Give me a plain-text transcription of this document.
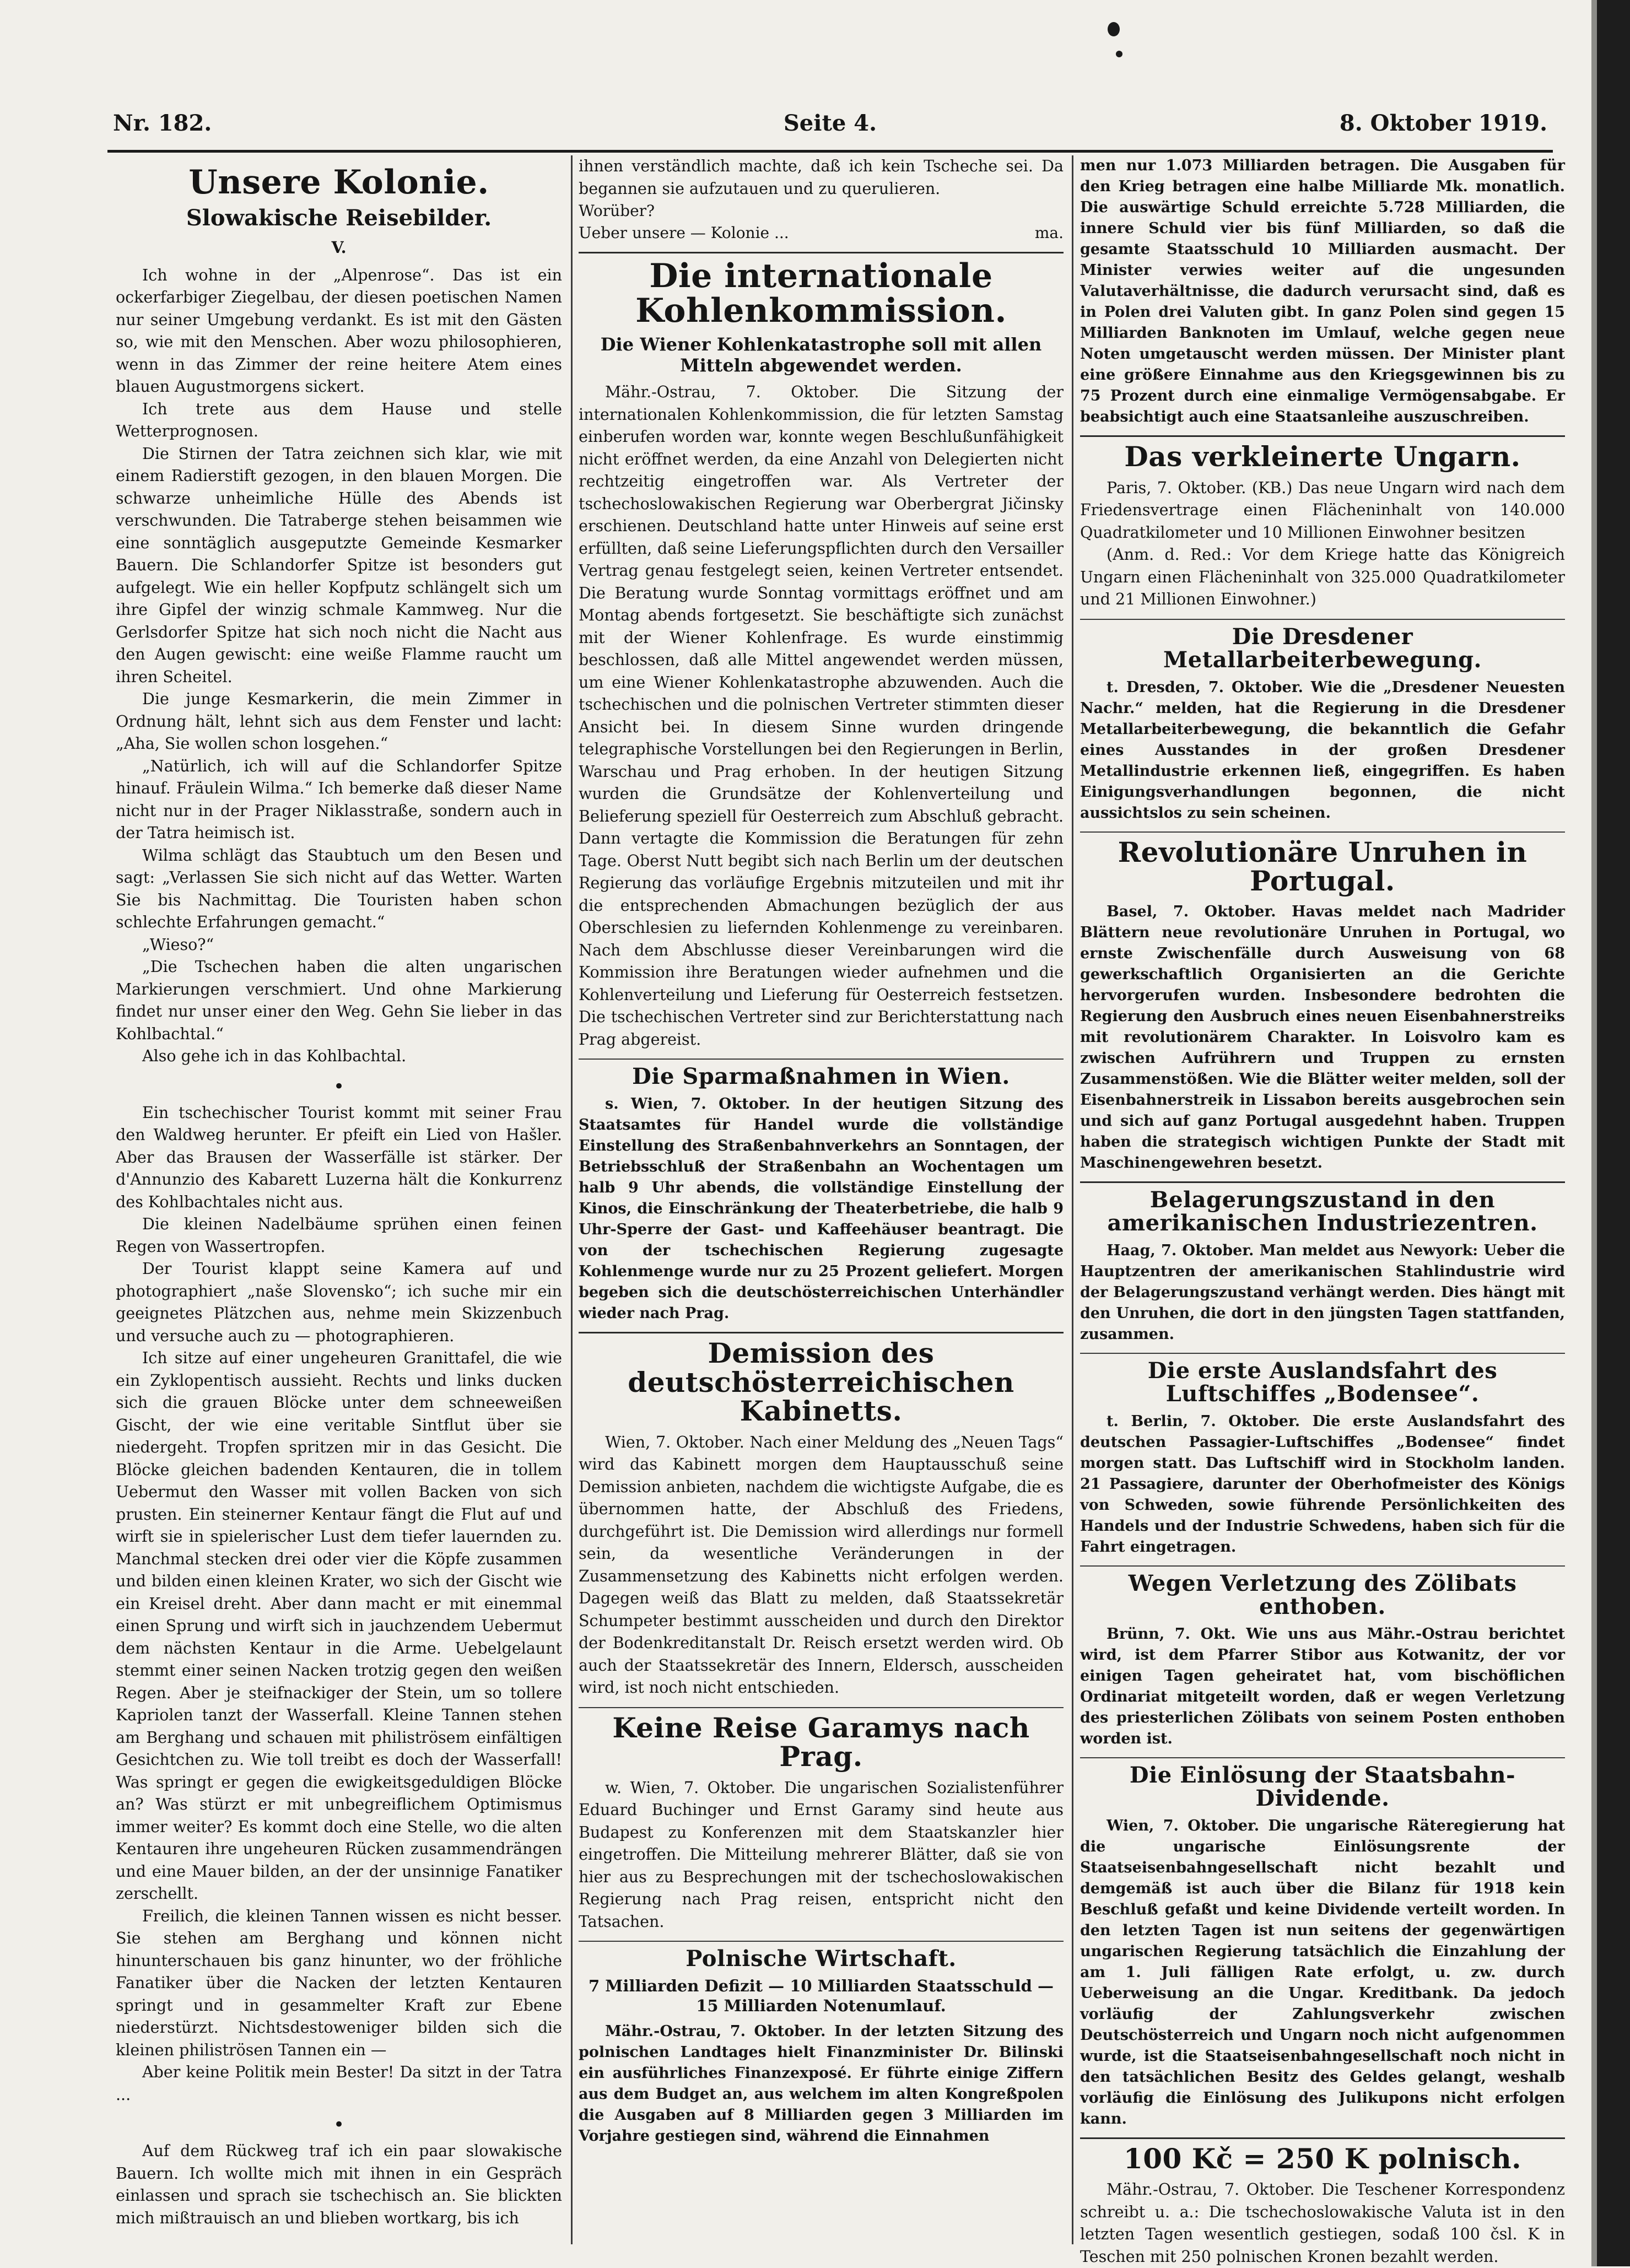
Nr. 182.	Seite 4.	8. Oktober 1919.
Unsere Kolonie.
Slowakische Reisebilder.
V.

Ich wohne in der „Alpenrose“. Das ist ein ockerfarbiger Ziegelbau, der diesen poetischen Namen nur seiner Umgebung verdankt. Es ist mit den Gästen so, wie mit den Menschen. Aber wozu philosophieren, wenn in das Zimmer der reine heitere Atem eines blauen Augustmorgens sickert.

Ich trete aus dem Hause und stelle Wetterprognosen.

Die Stirnen der Tatra zeichnen sich klar, wie mit einem Radierstift gezogen, in den blauen Morgen. Die schwarze unheimliche Hülle des Abends ist verschwunden. Die Tatraberge stehen beisammen wie eine sonntäglich ausgeputzte Gemeinde Kesmarker Bauern. Die Schlandorfer Spitze ist besonders gut aufgelegt. Wie ein heller Kopfputz schlängelt sich um ihre Gipfel der winzig schmale Kammweg. Nur die Gerlsdorfer Spitze hat sich noch nicht die Nacht aus den Augen gewischt: eine weiße Flamme raucht um ihren Scheitel.

Die junge Kesmarkerin, die mein Zimmer in Ordnung hält, lehnt sich aus dem Fenster und lacht: „Aha, Sie wollen schon losgehen.“

„Natürlich, ich will auf die Schlandorfer Spitze hinauf. Fräulein Wilma.“ Ich bemerke daß dieser Name nicht nur in der Prager Niklasstraße, sondern auch in der Tatra heimisch ist.

Wilma schlägt das Staubtuch um den Besen und sagt: „Verlassen Sie sich nicht auf das Wetter. Warten Sie bis Nachmittag. Die Touristen haben schon schlechte Erfahrungen gemacht.“

„Wieso?“

„Die Tschechen haben die alten ungarischen Markierungen verschmiert. Und ohne Markierung findet nur unser einer den Weg. Gehn Sie lieber in das Kohlbachtal.“

Also gehe ich in das Kohlbachtal.

•

Ein tschechischer Tourist kommt mit seiner Frau den Waldweg herunter. Er pfeift ein Lied von Hašler. Aber das Brausen der Wasserfälle ist stärker. Der d'Annunzio des Kabarett Luzerna hält die Konkurrenz des Kohlbachtales nicht aus.

Die kleinen Nadelbäume sprühen einen feinen Regen von Wassertropfen.

Der Tourist klappt seine Kamera auf und photographiert „naše Slovensko“; ich suche mir ein geeignetes Plätzchen aus, nehme mein Skizzenbuch und versuche auch zu — photographieren.

Ich sitze auf einer ungeheuren Granittafel, die wie ein Zyklopentisch aussieht. Rechts und links ducken sich die grauen Blöcke unter dem schneeweißen Gischt, der wie eine veritable Sintflut über sie niedergeht. Tropfen spritzen mir in das Gesicht. Die Blöcke gleichen badenden Kentauren, die in tollem Uebermut den Wasser mit vollen Backen von sich prusten. Ein steinerner Kentaur fängt die Flut auf und wirft sie in spielerischer Lust dem tiefer lauernden zu. Manchmal stecken drei oder vier die Köpfe zusammen und bilden einen kleinen Krater, wo sich der Gischt wie ein Kreisel dreht. Aber dann macht er mit einemmal einen Sprung und wirft sich in jauchzendem Uebermut dem nächsten Kentaur in die Arme. Uebelgelaunt stemmt einer seinen Nacken trotzig gegen den weißen Regen. Aber je steifnackiger der Stein, um so tollere Kapriolen tanzt der Wasserfall. Kleine Tannen stehen am Berghang und schauen mit philiströsem einfältigen Gesichtchen zu. Wie toll treibt es doch der Wasserfall! Was springt er gegen die ewigkeitsgeduldigen Blöcke an? Was stürzt er mit unbegreiflichem Optimismus immer weiter? Es kommt doch eine Stelle, wo die alten Kentauren ihre ungeheuren Rücken zusammendrängen und eine Mauer bilden, an der der unsinnige Fanatiker zerschellt.

Freilich, die kleinen Tannen wissen es nicht besser. Sie stehen am Berghang und können nicht hinunterschauen bis ganz hinunter, wo der fröhliche Fanatiker über die Nacken der letzten Kentauren springt und in gesammelter Kraft zur Ebene niederstürzt. Nichtsdestoweniger bilden sich die kleinen philiströsen Tannen ein —

Aber keine Politik mein Bester! Da sitzt in der Tatra ...

•

Auf dem Rückweg traf ich ein paar slowakische Bauern. Ich wollte mich mit ihnen in ein Gespräch einlassen und sprach sie tschechisch an. Sie blickten mich mißtrauisch an und blieben wortkarg, bis ich

ihnen verständlich machte, daß ich kein Tscheche sei. Da begannen sie aufzutauen und zu querulieren.

Worüber?
Ueber unsere — Kolonie ...	ma.
Die internationale Kohlenkommission.
Die Wiener Kohlenkatastrophe soll mit allen Mitteln abgewendet werden.

Mähr.-Ostrau, 7. Oktober. Die Sitzung der internationalen Kohlenkommission, die für letzten Samstag einberufen worden war, konnte wegen Beschlußunfähigkeit nicht eröffnet werden, da eine Anzahl von Delegierten nicht rechtzeitig eingetroffen war. Als Vertreter der tschechoslowakischen Regierung war Oberbergrat Jičinsky erschienen. Deutschland hatte unter Hinweis auf seine erst erfüllten, daß seine Lieferungspflichten durch den Versailler Vertrag genau festgelegt seien, keinen Vertreter entsendet. Die Beratung wurde Sonntag vormittags eröffnet und am Montag abends fortgesetzt. Sie beschäftigte sich zunächst mit der Wiener Kohlenfrage. Es wurde einstimmig beschlossen, daß alle Mittel angewendet werden müssen, um eine Wiener Kohlenkatastrophe abzuwenden. Auch die tschechischen und die polnischen Vertreter stimmten dieser Ansicht bei. In diesem Sinne wurden dringende telegraphische Vorstellungen bei den Regierungen in Berlin, Warschau und Prag erhoben. In der heutigen Sitzung wurden die Grundsätze der Kohlenverteilung und Belieferung speziell für Oesterreich zum Abschluß gebracht. Dann vertagte die Kommission die Beratungen für zehn Tage. Oberst Nutt begibt sich nach Berlin um der deutschen Regierung das vorläufige Ergebnis mitzuteilen und mit ihr die entsprechenden Abmachungen bezüglich der aus Oberschlesien zu liefernden Kohlenmenge zu vereinbaren. Nach dem Abschlusse dieser Vereinbarungen wird die Kommission ihre Beratungen wieder aufnehmen und die Kohlenverteilung und Lieferung für Oesterreich festsetzen. Die tschechischen Vertreter sind zur Berichterstattung nach Prag abgereist.

Die Sparmaßnahmen in Wien.

s. Wien, 7. Oktober. In der heutigen Sitzung des Staatsamtes für Handel wurde die vollständige Einstellung des Straßenbahnverkehrs an Sonntagen, der Betriebsschluß der Straßenbahn an Wochentagen um halb 9 Uhr abends, die vollständige Einstellung der Kinos, die Einschränkung der Theaterbetriebe, die halb 9 Uhr-Sperre der Gast- und Kaffeehäuser beantragt. Die von der tschechischen Regierung zugesagte Kohlenmenge wurde nur zu 25 Prozent geliefert. Morgen begeben sich die deutschösterreichischen Unterhändler wieder nach Prag.

Demission des deutschösterreichischen Kabinetts.

Wien, 7. Oktober. Nach einer Meldung des „Neuen Tags“ wird das Kabinett morgen dem Hauptausschuß seine Demission anbieten, nachdem die wichtigste Aufgabe, die es übernommen hatte, der Abschluß des Friedens, durchgeführt ist. Die Demission wird allerdings nur formell sein, da wesentliche Veränderungen in der Zusammensetzung des Kabinetts nicht erfolgen werden. Dagegen weiß das Blatt zu melden, daß Staatssekretär Schumpeter bestimmt ausscheiden und durch den Direktor der Bodenkreditanstalt Dr. Reisch ersetzt werden wird. Ob auch der Staatssekretär des Innern, Eldersch, ausscheiden wird, ist noch nicht entschieden.

Keine Reise Garamys nach Prag.

w. Wien, 7. Oktober. Die ungarischen Sozialistenführer Eduard Buchinger und Ernst Garamy sind heute aus Budapest zu Konferenzen mit dem Staatskanzler hier eingetroffen. Die Mitteilung mehrerer Blätter, daß sie von hier aus zu Besprechungen mit der tschechoslowakischen Regierung nach Prag reisen, entspricht nicht den Tatsachen.

Polnische Wirtschaft.
7 Milliarden Defizit — 10 Milliarden Staatsschuld — 15 Milliarden Notenumlauf.

Mähr.-Ostrau, 7. Oktober. In der letzten Sitzung des polnischen Landtages hielt Finanzminister Dr. Bilinski ein ausführliches Finanzexposé. Er führte einige Ziffern aus dem Budget an, aus welchem im alten Kongreßpolen die Ausgaben auf 8 Milliarden gegen 3 Milliarden im Vorjahre gestiegen sind, während die Einnahmen

men nur 1.073 Milliarden betragen. Die Ausgaben für den Krieg betragen eine halbe Milliarde Mk. monatlich. Die auswärtige Schuld erreichte 5.728 Milliarden, die innere Schuld vier bis fünf Milliarden, so daß die gesamte Staatsschuld 10 Milliarden ausmacht. Der Minister verwies weiter auf die ungesunden Valutaverhältnisse, die dadurch verursacht sind, daß es in Polen drei Valuten gibt. In ganz Polen sind gegen 15 Milliarden Banknoten im Umlauf, welche gegen neue Noten umgetauscht werden müssen. Der Minister plant eine größere Einnahme aus den Kriegsgewinnen bis zu 75 Prozent durch eine einmalige Vermögensabgabe. Er beabsichtigt auch eine Staatsanleihe auszuschreiben.

Das verkleinerte Ungarn.

Paris, 7. Oktober. (KB.) Das neue Ungarn wird nach dem Friedensvertrage einen Flächeninhalt von 140.000 Quadratkilometer und 10 Millionen Einwohner besitzen

(Anm. d. Red.: Vor dem Kriege hatte das Königreich Ungarn einen Flächeninhalt von 325.000 Quadratkilometer und 21 Millionen Einwohner.)

Die Dresdener Metallarbeiterbewegung.

t. Dresden, 7. Oktober. Wie die „Dresdener Neuesten Nachr.“ melden, hat die Regierung in die Dresdener Metallarbeiterbewegung, die bekanntlich die Gefahr eines Ausstandes in der großen Dresdener Metallindustrie erkennen ließ, eingegriffen. Es haben Einigungsverhandlungen begonnen, die nicht aussichtslos zu sein scheinen.

Revolutionäre Unruhen in Portugal.

Basel, 7. Oktober. Havas meldet nach Madrider Blättern neue revolutionäre Unruhen in Portugal, wo ernste Zwischenfälle durch Ausweisung von 68 gewerkschaftlich Organisierten an die Gerichte hervorgerufen wurden. Insbesondere bedrohten die Regierung den Ausbruch eines neuen Eisenbahnerstreiks mit revolutionärem Charakter. In Loisvolro kam es zwischen Aufrührern und Truppen zu ernsten Zusammenstößen. Wie die Blätter weiter melden, soll der Eisenbahnerstreik in Lissabon bereits ausgebrochen sein und sich auf ganz Portugal ausgedehnt haben. Truppen haben die strategisch wichtigen Punkte der Stadt mit Maschinengewehren besetzt.

Belagerungszustand in den amerikanischen Industriezentren.

Haag, 7. Oktober. Man meldet aus Newyork: Ueber die Hauptzentren der amerikanischen Stahlindustrie wird der Belagerungszustand verhängt werden. Dies hängt mit den Unruhen, die dort in den jüngsten Tagen stattfanden, zusammen.

Die erste Auslandsfahrt des Luftschiffes „Bodensee“.

t. Berlin, 7. Oktober. Die erste Auslandsfahrt des deutschen Passagier-Luftschiffes „Bodensee“ findet morgen statt. Das Luftschiff wird in Stockholm landen. 21 Passagiere, darunter der Oberhofmeister des Königs von Schweden, sowie führende Persönlichkeiten des Handels und der Industrie Schwedens, haben sich für die Fahrt eingetragen.

Wegen Verletzung des Zölibats enthoben.

Brünn, 7. Okt. Wie uns aus Mähr.-Ostrau berichtet wird, ist dem Pfarrer Stibor aus Kotwanitz, der vor einigen Tagen geheiratet hat, vom bischöflichen Ordinariat mitgeteilt worden, daß er wegen Verletzung des priesterlichen Zölibats von seinem Posten enthoben worden ist.

Die Einlösung der Staatsbahn-Dividende.

Wien, 7. Oktober. Die ungarische Räteregierung hat die ungarische Einlösungsrente der Staatseisenbahngesellschaft nicht bezahlt und demgemäß ist auch über die Bilanz für 1918 kein Beschluß gefaßt und keine Dividende verteilt worden. In den letzten Tagen ist nun seitens der gegenwärtigen ungarischen Regierung tatsächlich die Einzahlung der am 1. Juli fälligen Rate erfolgt, u. zw. durch Ueberweisung an die Ungar. Kreditbank. Da jedoch vorläufig der Zahlungsverkehr zwischen Deutschösterreich und Ungarn noch nicht aufgenommen wurde, ist die Staatseisenbahngesellschaft noch nicht in den tatsächlichen Besitz des Geldes gelangt, weshalb vorläufig die Einlösung des Julikupons nicht erfolgen kann.

100 Kč = 250 K polnisch.

Mähr.-Ostrau, 7. Oktober. Die Teschener Korrespondenz schreibt u. a.: Die tschechoslowakische Valuta ist in den letzten Tagen wesentlich gestiegen, sodaß 100 čsl. K in Teschen mit 250 polnischen Kronen bezahlt werden.
